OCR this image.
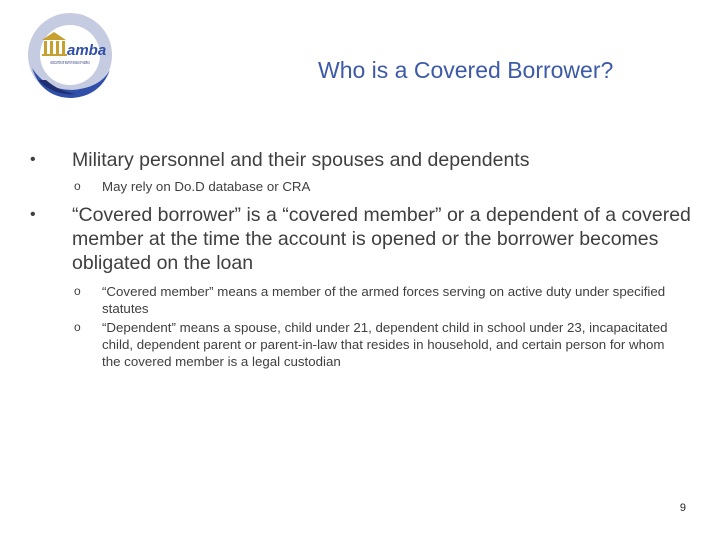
amba
ASSOCIATION OF MILITARY BANKS OF AMERICA	Who is a Covered Borrower?
•	Military personnel and their spouses and dependents
o May rely on Do.D database or CRA
•	“Covered borrower” is a “covered member” or a dependent of a covered member at the time the account is opened or the borrower becomes obligated on the loan
o “Covered member” means a member of the armed forces serving on active duty under specified statutes
o “Dependent” means a spouse, child under 21, dependent child in school under 23, incapacitated child, dependent parent or parent-in-law that resides in household, and certain person for whom the covered member is a legal custodian
9
